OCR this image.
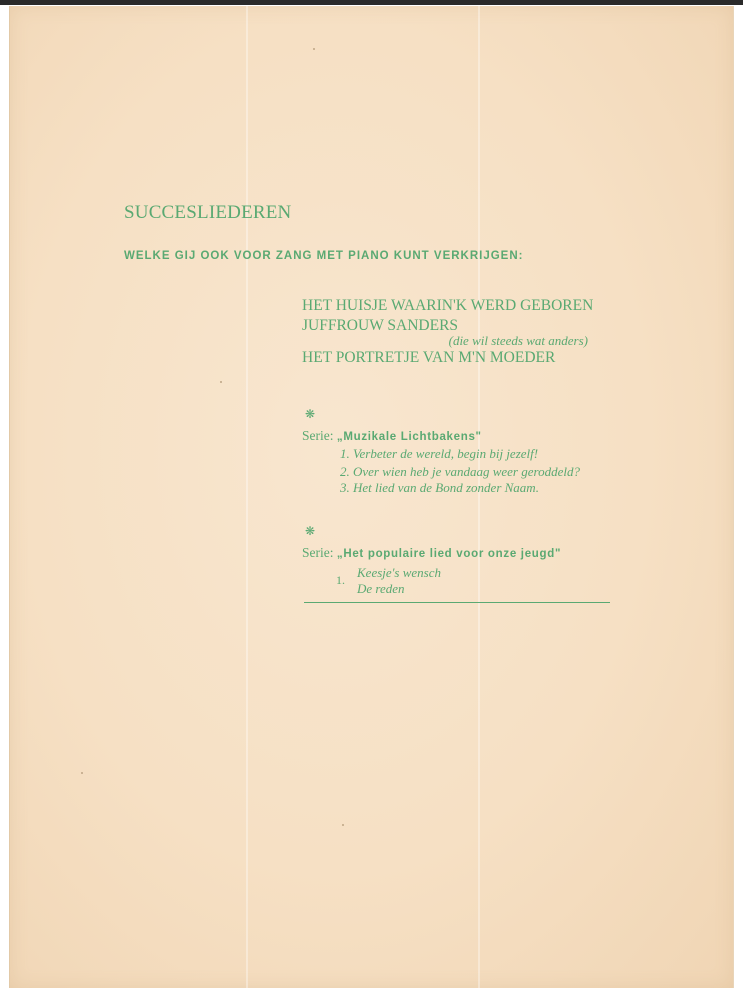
SUCCESLIEDEREN
WELKE GIJ OOK VOOR ZANG MET PIANO KUNT VERKRIJGEN:
HET HUISJE WAARIN'K WERD GEBOREN
JUFFROUW SANDERS
(die wil steeds wat anders)
HET PORTRETJE VAN M'N MOEDER
❋
Serie: „Muzikale Lichtbakens"
1. Verbeter de wereld, begin bij jezelf!
2. Over wien heb je vandaag weer geroddeld?
3. Het lied van de Bond zonder Naam.
❋
Serie: „Het populaire lied voor onze jeugd"
1. Keesje's wensch
De reden
